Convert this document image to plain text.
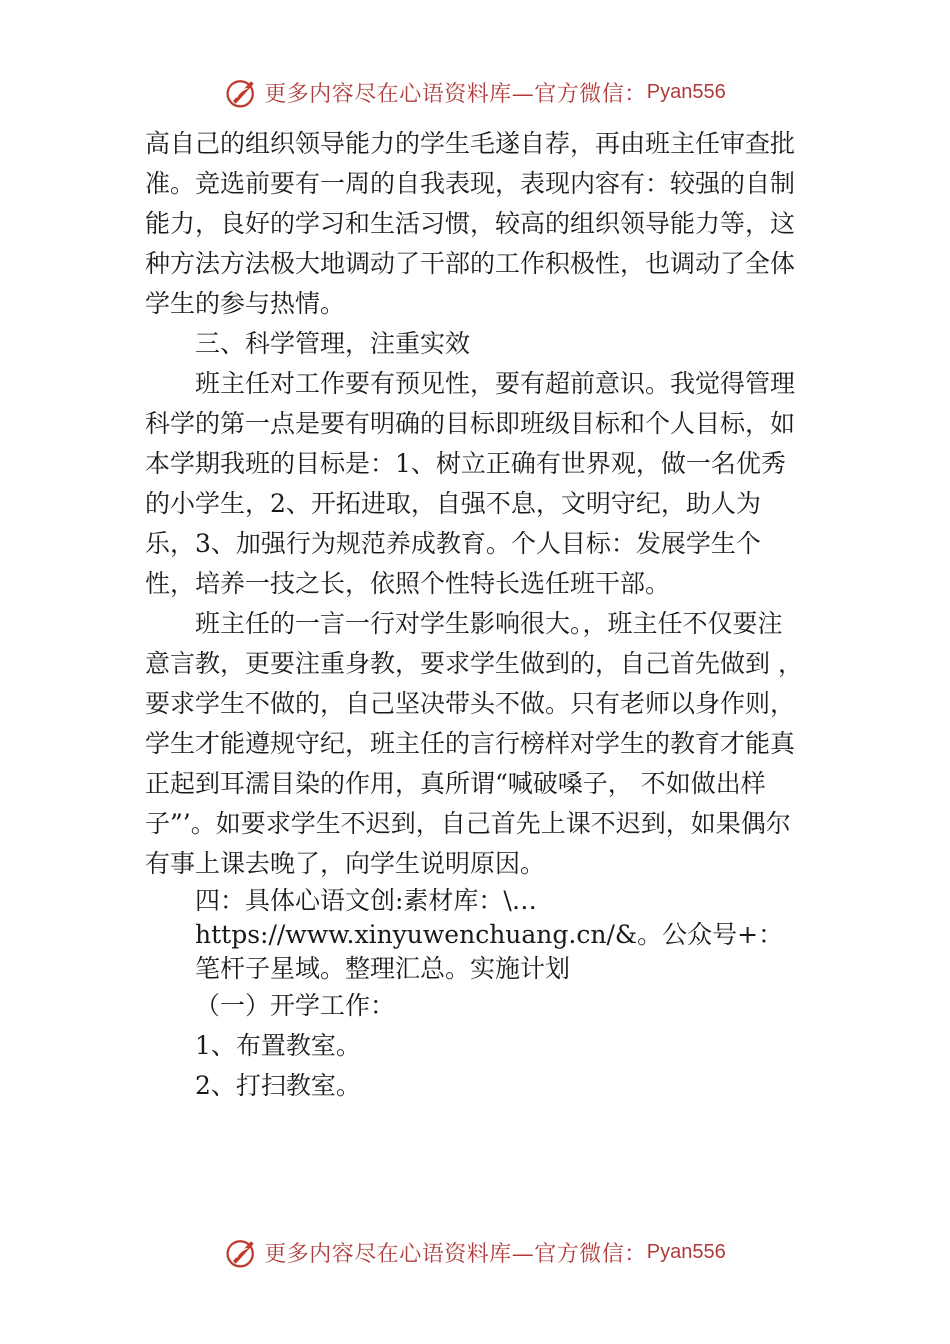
更多内容尽在心语资料库—官方微信： Pyan556

高自己的组织领导能力的学生毛遂自荐，再由班主任审查批准。竞选前要有一周的自我表现，表现内容有：较强的自制能力，良好的学习和生活习惯，较高的组织领导能力等，这种方法方法极大地调动了干部的工作积极性，也调动了全体学生的参与热情。

三、科学管理，注重实效

班主任对工作要有预见性，要有超前意识。我觉得管理科学的第一点是要有明确的目标即班级目标和个人目标，如本学期我班的目标是：1、树立正确有世界观，做一名优秀的小学生，2、开拓进取，自强不息，文明守纪，助人为乐，3、加强行为规范养成教育。个人目标：发展学生个性，培养一技之长，依照个性特长选任班干部。

班主任的一言一行对学生影响很大。，班主任不仅要注意言教，更要注重身教，要求学生做到的，自己首先做到 ，要求学生不做的，自己坚决带头不做。只有老师以身作则，学生才能遵规守纪，班主任的言行榜样对学生的教育才能真正起到耳濡目染的作用，真所谓“喊破嗓子， 不如做出样子”’。如要求学生不迟到，自己首先上课不迟到，如果偶尔有事上课去晚了，向学生说明原因。

四：具体心语文创:素材库：\…https://www.xinyuwenchuang.cn/&。公众号+：笔杆子星域。整理汇总。实施计划

（一）开学工作：

1、布置教室。

2、打扫教室。

更多内容尽在心语资料库—官方微信： Pyan556
